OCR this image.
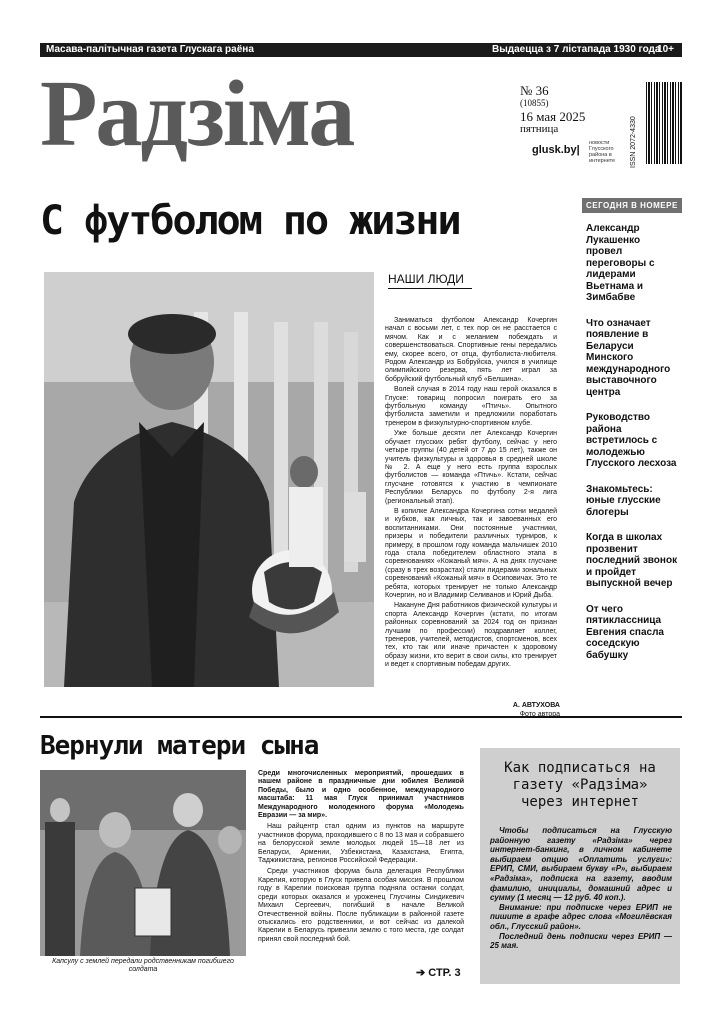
Масава-палітычная газета Глускага раёна	Выдаецца з 7 лістапада 1930 года
10+
Радзіма	№ 36
(10855)
16 мая 2025
пятница
glusk.by|
новости Глусского района в интернете	ISSN 2072-4330
С футболом по жизни
НАШИ ЛЮДИ

Заниматься футболом Александр Кочергин начал с восьми лет, с тех пор он не расстается с мячом. Как и с желанием побеждать и совершенствоваться. Спортивные гены передались ему, скорее всего, от отца, футболиста-любителя. Родом Александр из Бобруйска, учился в училище олимпийского резерва, пять лет играл за бобруйский футбольный клуб «Белшина».

Волей случая в 2014 году наш герой оказался в Глуске: товарищ попросил поиграть его за футбольную команду «Птичь». Опытного футболиста заметили и предложили поработать тренером в физкультурно-спортивном клубе.

Уже больше десяти лет Александр Кочергин обучает глусских ребят футболу, сейчас у него четыре группы (40 детей от 7 до 15 лет), также он учитель физкультуры и здоровья в средней школе № 2. А еще у него есть группа взрослых футболистов — команда «Птичь». Кстати, сейчас глусчане готовятся к участию в чемпионате Республики Беларусь по футболу 2-я лига (региональный этап).

В копилке Александра Кочергина сотни медалей и кубков, как личных, так и завоеванных его воспитанниками. Они постоянные участники, призеры и победители различных турниров, к примеру, в прошлом году команда мальчишек 2010 года стала победителем областного этапа в соревнованиях «Кожаный мяч». А на днях глусчане (сразу в трех возрастах) стали лидерами зональных соревнований «Кожаный мяч» в Осиповичах. Это те ребята, которых тренирует не только Александр Кочергин, но и Владимир Селиванов и Юрий Дыба.

Накануне Дня работников физической культуры и спорта Александр Кочергин (кстати, по итогам районных соревнований за 2024 год он признан лучшим по профессии) поздравляет коллег, тренеров, учителей, методистов, спортсменов, всех тех, кто так или иначе причастен к здоровому образу жизни, кто верит в свои силы, кто тренирует и ведет к спортивным победам других.

А. АВТУХОВА
Фото автора
СЕГОДНЯ В НОМЕРЕ
Александр Лукашенко провел переговоры с лидерами Вьетнама и Зимбабве
Что означает появление в Беларуси Минского международного выставочного центра
Руководство района встретилось с молодежью Глусского лесхоза
Знакомьтесь: юные глусские блогеры
Когда в школах прозвенит последний звонок и пройдет выпускной вечер
От чего пятиклассница Евгения спасла соседскую бабушку
Вернули матери сына
Капсулу с землей передали родственникам погибшего солдата

Среди многочисленных мероприятий, прошедших в нашем районе в праздничные дни юбилея Великой Победы, было и одно особенное, международного масштаба: 11 мая Глуск принимал участников Международного молодежного форума «Молодежь Евразии — за мир».

Наш райцентр стал одним из пунктов на маршруте участников форума, проходившего с 8 по 13 мая и собравшего на белорусской земле молодых людей 15—18 лет из Беларуси, Армении, Узбекистана, Казахстана, Египта, Таджикистана, регионов Российской Федерации.

Среди участников форума была делегация Республики Карелия, которую в Глуск привела особая миссия. В прошлом году в Карелии поисковая группа подняла останки солдат, среди которых оказался и уроженец Глусчины Синдикевич Михаил Сергеевич, погибший в начале Великой Отечественной войны. После публикации в районной газете отыскались его родственники, и вот сейчас из далекой Карелии в Беларусь привезли землю с того места, где солдат принял свой последний бой.

➔ СТР. 3
Как подписаться на газету «Радзіма» через интернет

Чтобы подписаться на Глусскую районную газету «Радзіма» через интернет-банкинг, в личном кабинете выбираем опцию «Оплатить услуги»: ЕРИП, СМИ, выбираем букву «Р», выбираем «Радзіма», подписка на газету, вводим фамилию, инициалы, домашний адрес и сумму (1 месяц — 12 руб. 40 коп.).

Внимание: при подписке через ЕРИП не пишите в графе адрес слова «Могилёвская обл., Глусский район».

Последний день подписки через ЕРИП — 25 мая.
